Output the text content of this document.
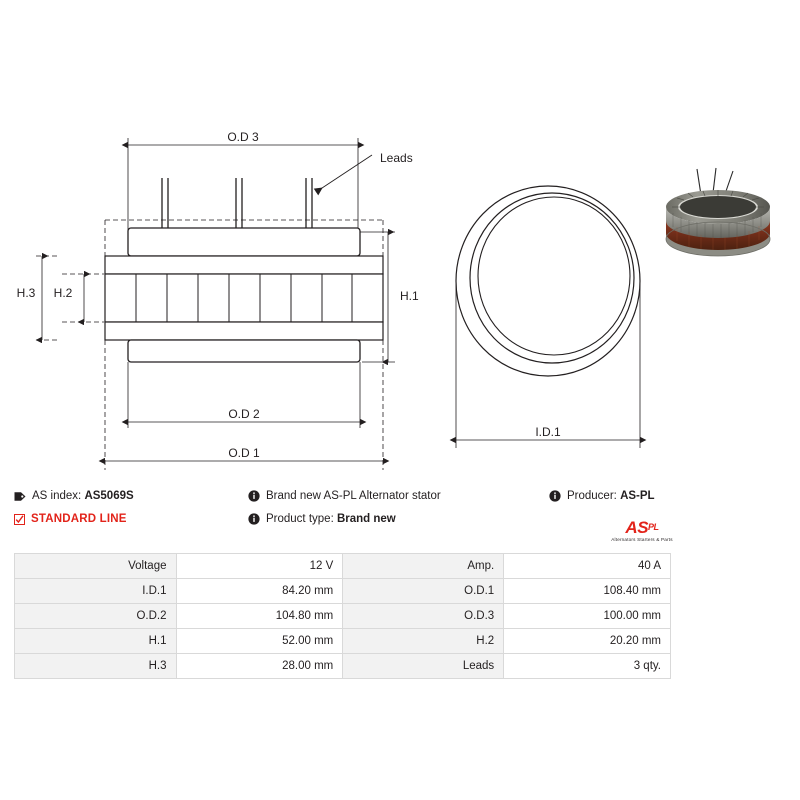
O.D 3
Leads
H.1
H.2
H.3
O.D 2
O.D 1
I.D.1
AS index:
AS5069S	Brand new AS-PL Alternator stator	Producer:
AS-PL
STANDARD LINE	Product type:
Brand new	ASPL
Alternators Starters & Parts
Voltage	12 V	Amp.	40 A
I.D.1	84.20 mm	O.D.1	108.40 mm
O.D.2	104.80 mm	O.D.3	100.00 mm
H.1	52.00 mm	H.2	20.20 mm
H.3	28.00 mm	Leads	3 qty.
